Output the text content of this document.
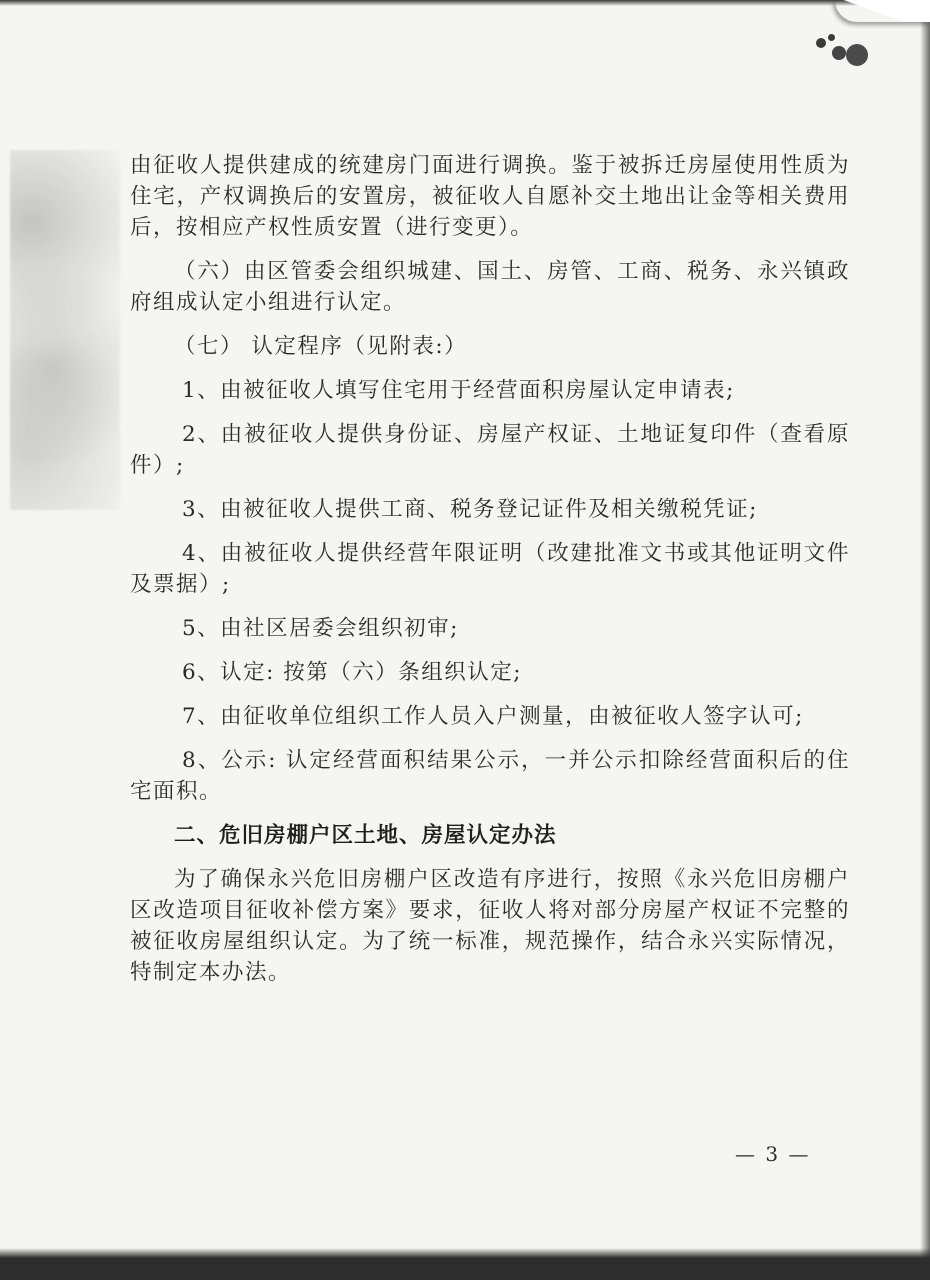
由征收人提供建成的统建房门面进行调换。鉴于被拆迁房屋使用性质为住宅，产权调换后的安置房，被征收人自愿补交土地出让金等相关费用后，按相应产权性质安置（进行变更）。

（六）由区管委会组织城建、国土、房管、工商、税务、永兴镇政府组成认定小组进行认定。

（七） 认定程序（见附表:）

1、由被征收人填写住宅用于经营面积房屋认定申请表;

2、由被征收人提供身份证、房屋产权证、土地证复印件（查看原件）;

3、由被征收人提供工商、税务登记证件及相关缴税凭证;

4、由被征收人提供经营年限证明（改建批准文书或其他证明文件及票据）;

5、由社区居委会组织初审;

6、认定: 按第（六）条组织认定;

7、由征收单位组织工作人员入户测量，由被征收人签字认可;

8、公示: 认定经营面积结果公示，一并公示扣除经营面积后的住宅面积。

二、危旧房棚户区土地、房屋认定办法

为了确保永兴危旧房棚户区改造有序进行，按照《永兴危旧房棚户区改造项目征收补偿方案》要求，征收人将对部分房屋产权证不完整的被征收房屋组织认定。为了统一标准，规范操作，结合永兴实际情况，特制定本办法。

— 3 —
